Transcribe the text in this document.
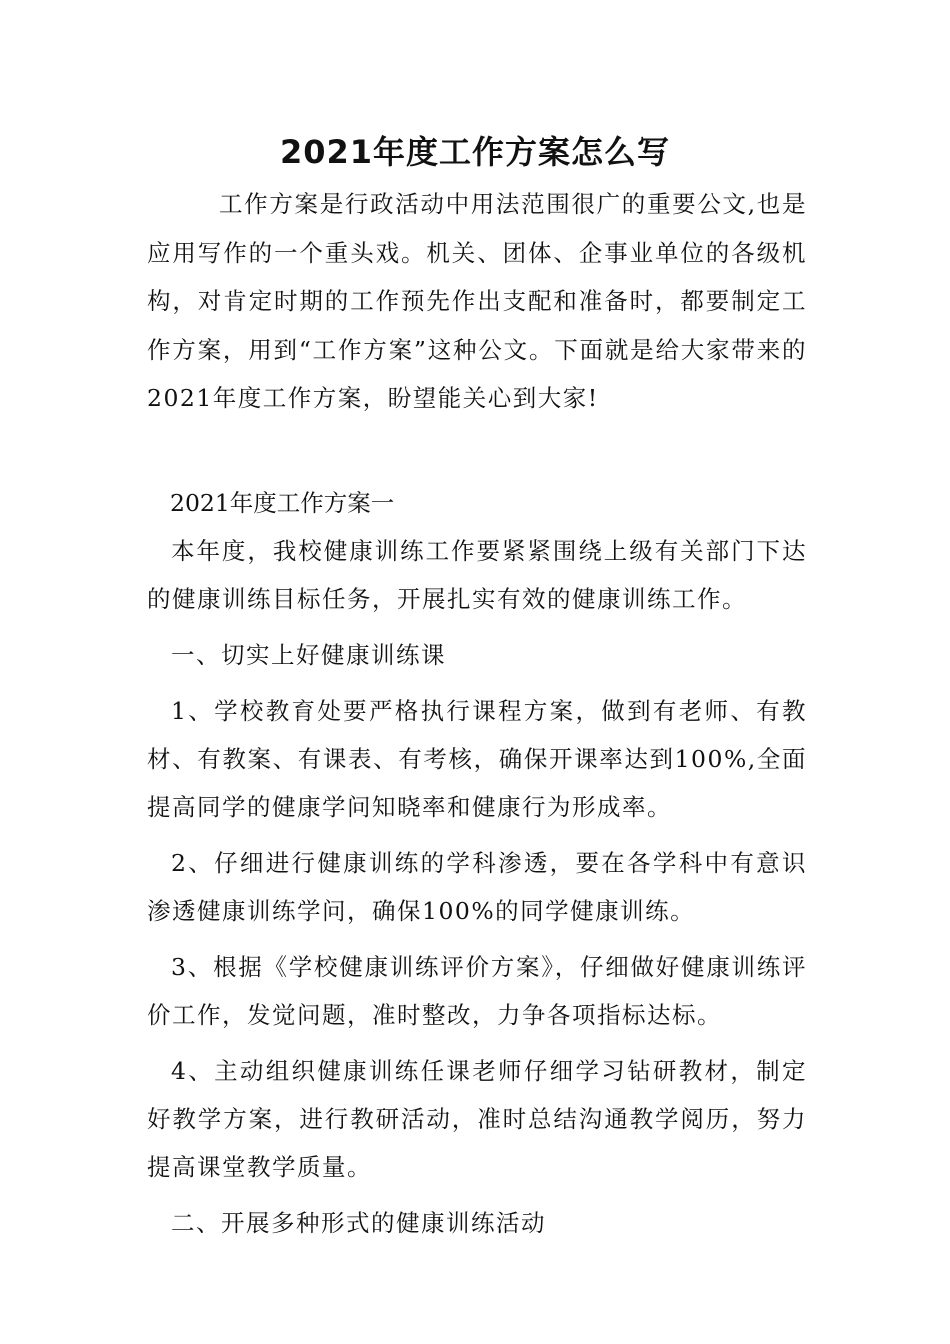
2021年度工作方案怎么写

工作方案是行政活动中用法范围很广的重要公文,也是应用写作的一个重头戏。机关、团体、企事业单位的各级机构，对肯定时期的工作预先作出支配和准备时，都要制定工作方案，用到“工作方案”这种公文。下面就是给大家带来的2021年度工作方案，盼望能关心到大家!

2021年度工作方案一

本年度，我校健康训练工作要紧紧围绕上级有关部门下达的健康训练目标任务，开展扎实有效的健康训练工作。

一、切实上好健康训练课

1、学校教育处要严格执行课程方案，做到有老师、有教材、有教案、有课表、有考核，确保开课率达到100%,全面提高同学的健康学问知晓率和健康行为形成率。

2、仔细进行健康训练的学科渗透，要在各学科中有意识渗透健康训练学问，确保100%的同学健康训练。

3、根据《学校健康训练评价方案》，仔细做好健康训练评价工作，发觉问题，准时整改，力争各项指标达标。

4、主动组织健康训练任课老师仔细学习钻研教材，制定好教学方案，进行教研活动，准时总结沟通教学阅历，努力提高课堂教学质量。

二、开展多种形式的健康训练活动
